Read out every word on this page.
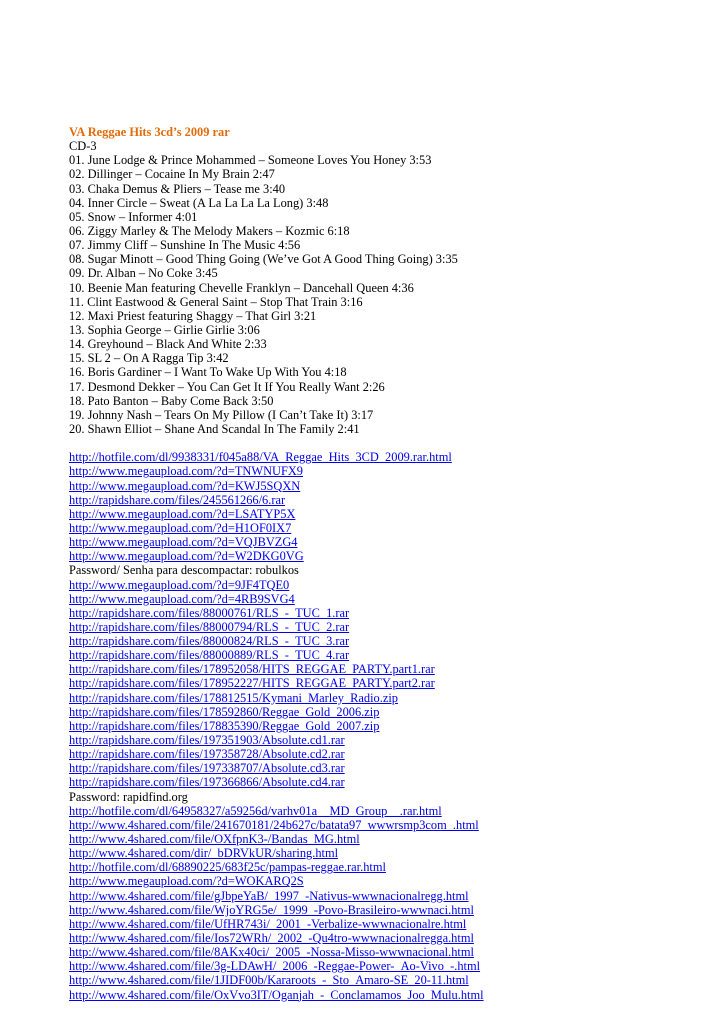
VA Reggae Hits 3cd’s 2009 rar
CD-3
01. June Lodge & Prince Mohammed – Someone Loves You Honey 3:53
02. Dillinger – Cocaine In My Brain 2:47
03. Chaka Demus & Pliers – Tease me 3:40
04. Inner Circle – Sweat (A La La La La Long) 3:48
05. Snow – Informer 4:01
06. Ziggy Marley & The Melody Makers – Kozmic 6:18
07. Jimmy Cliff – Sunshine In The Music 4:56
08. Sugar Minott – Good Thing Going (We’ve Got A Good Thing Going) 3:35
09. Dr. Alban – No Coke 3:45
10. Beenie Man featuring Chevelle Franklyn – Dancehall Queen 4:36
11. Clint Eastwood & General Saint – Stop That Train 3:16
12. Maxi Priest featuring Shaggy – That Girl 3:21
13. Sophia George – Girlie Girlie 3:06
14. Greyhound – Black And White 2:33
15. SL 2 – On A Ragga Tip 3:42
16. Boris Gardiner – I Want To Wake Up With You 4:18
17. Desmond Dekker – You Can Get It If You Really Want 2:26
18. Pato Banton – Baby Come Back 3:50
19. Johnny Nash – Tears On My Pillow (I Can’t Take It) 3:17
20. Shawn Elliot – Shane And Scandal In The Family 2:41
http://hotfile.com/dl/9938331/f045a88/VA_Reggae_Hits_3CD_2009.rar.html
http://www.megaupload.com/?d=TNWNUFX9
http://www.megaupload.com/?d=KWJ5SQXN
http://rapidshare.com/files/245561266/6.rar
http://www.megaupload.com/?d=LSATYP5X
http://www.megaupload.com/?d=H1OF0IX7
http://www.megaupload.com/?d=VQJBVZG4
http://www.megaupload.com/?d=W2DKG0VG
Password/ Senha para descompactar: robulkos
http://www.megaupload.com/?d=9JF4TQE0
http://www.megaupload.com/?d=4RB9SVG4
http://rapidshare.com/files/88000761/RLS_-_TUC_1.rar
http://rapidshare.com/files/88000794/RLS_-_TUC_2.rar
http://rapidshare.com/files/88000824/RLS_-_TUC_3.rar
http://rapidshare.com/files/88000889/RLS_-_TUC_4.rar
http://rapidshare.com/files/178952058/HITS_REGGAE_PARTY.part1.rar
http://rapidshare.com/files/178952227/HITS_REGGAE_PARTY.part2.rar
http://rapidshare.com/files/178812515/Kymani_Marley_Radio.zip
http://rapidshare.com/files/178592860/Reggae_Gold_2006.zip
http://rapidshare.com/files/178835390/Reggae_Gold_2007.zip
http://rapidshare.com/files/197351903/Absolute.cd1.rar
http://rapidshare.com/files/197358728/Absolute.cd2.rar
http://rapidshare.com/files/197338707/Absolute.cd3.rar
http://rapidshare.com/files/197366866/Absolute.cd4.rar
Password: rapidfind.org
http://hotfile.com/dl/64958327/a59256d/varhv01a__MD_Group__.rar.html
http://www.4shared.com/file/241670181/24b627c/batata97_wwwrsmp3com_.html
http://www.4shared.com/file/OXfpnK3-/Bandas_MG.html
http://www.4shared.com/dir/_bDRVkUR/sharing.html
http://hotfile.com/dl/68890225/683f25c/pampas-reggae.rar.html
http://www.megaupload.com/?d=WOKARQ2S
http://www.4shared.com/file/gJbpeYaB/_1997_-Nativus-wwwnacionalregg.html
http://www.4shared.com/file/WjoYRG5e/_1999_-Povo-Brasileiro-wwwnaci.html
http://www.4shared.com/file/UfHR743i/_2001_-Verbalize-wwwnacionalre.html
http://www.4shared.com/file/Ios72WRh/_2002_-Qu4tro-wwwnacionalregga.html
http://www.4shared.com/file/8AKx40ci/_2005_-Nossa-Misso-wwwnacional.html
http://www.4shared.com/file/3g-LDAwH/_2006_-Reggae-Power-_Ao-Vivo_-.html
http://www.4shared.com/file/1JIDF00b/Kararoots_-_Sto_Amaro-SE_20-11.html
http://www.4shared.com/file/OxVvo3IT/Oganjah_-_Conclamamos_Joo_Mulu.html
